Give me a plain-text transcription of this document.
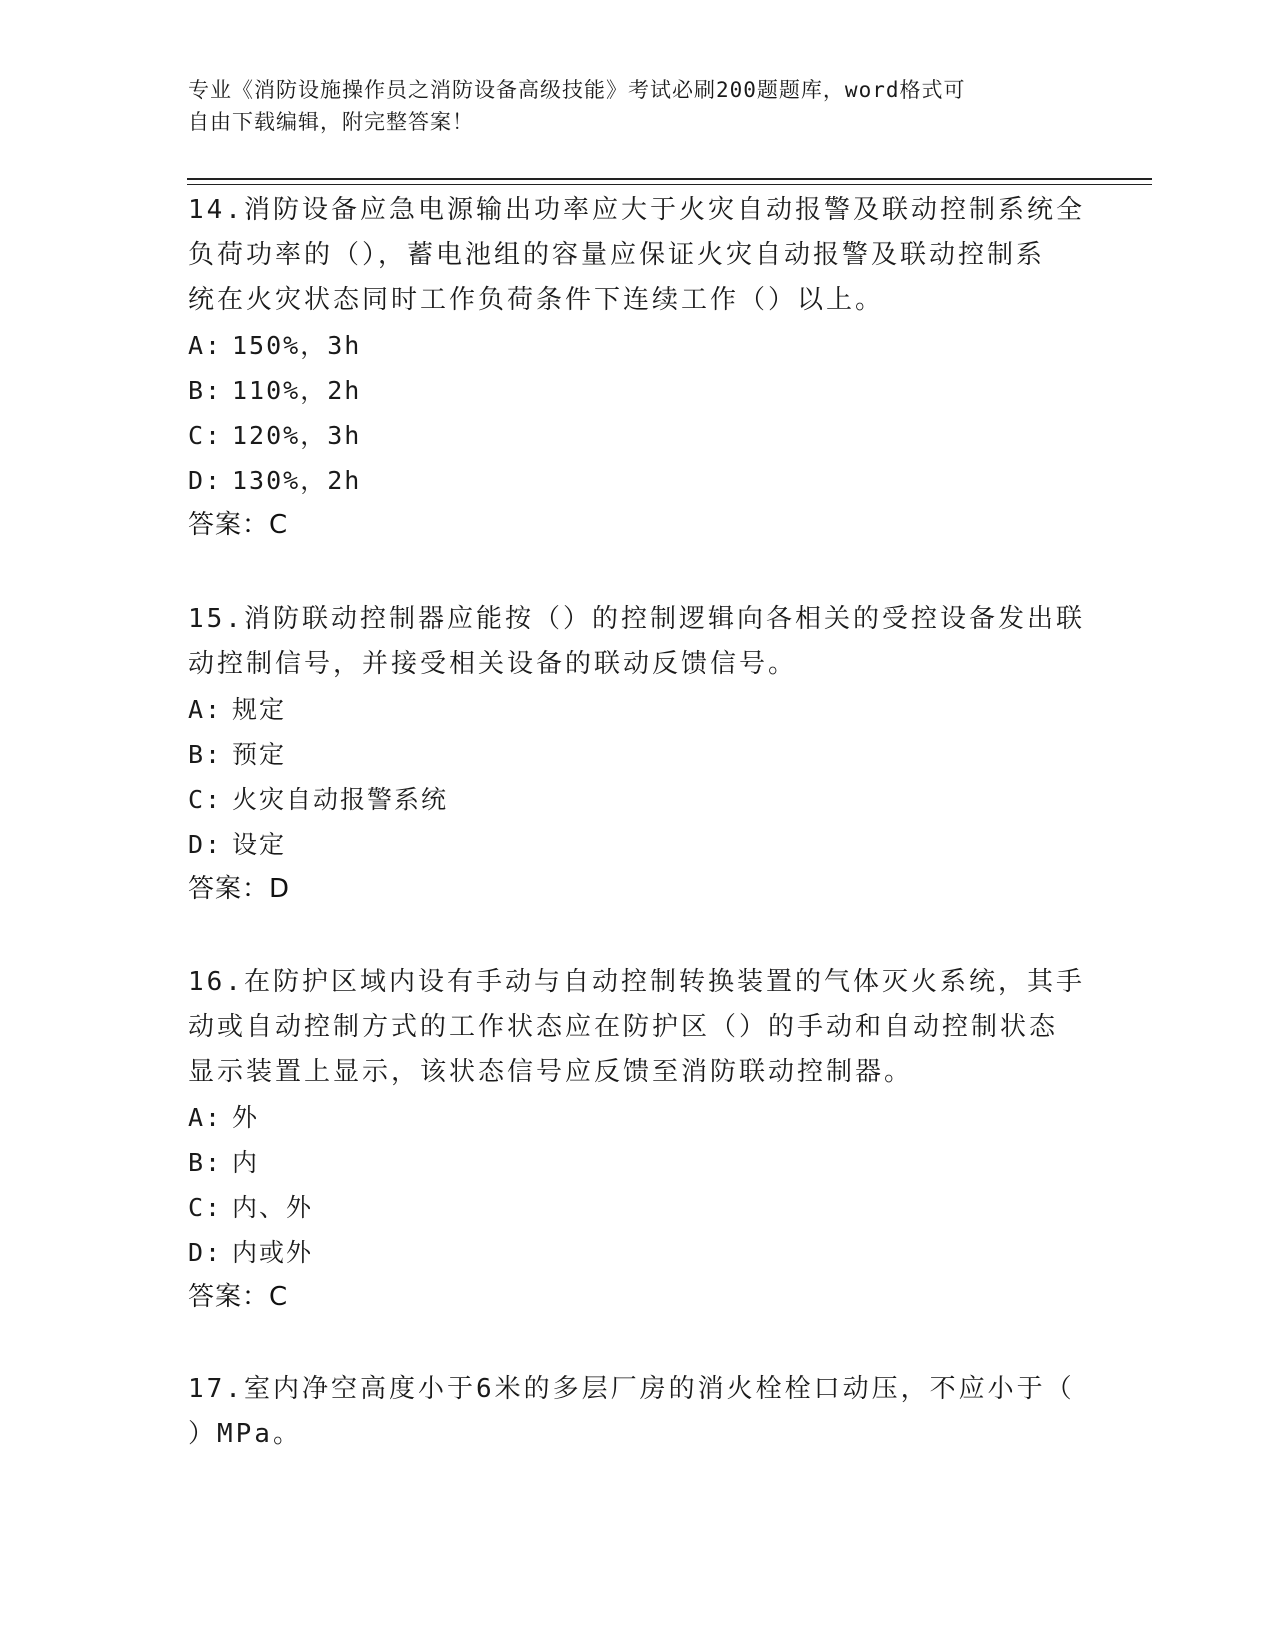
专业《消防设施操作员之消防设备高级技能》考试必刷200题题库，word格式可
自由下载编辑，附完整答案！
14.消防设备应急电源输出功率应大于火灾自动报警及联动控制系统全
负荷功率的（），蓄电池组的容量应保证火灾自动报警及联动控制系
统在火灾状态同时工作负荷条件下连续工作（）以上。
A: 150%，3h
B: 110%，2h
C: 120%，3h
D: 130%，2h
答案：C
15.消防联动控制器应能按（）的控制逻辑向各相关的受控设备发出联
动控制信号，并接受相关设备的联动反馈信号。
A: 规定
B: 预定
C: 火灾自动报警系统
D: 设定
答案：D
16.在防护区域内设有手动与自动控制转换装置的气体灭火系统，其手
动或自动控制方式的工作状态应在防护区（）的手动和自动控制状态
显示装置上显示，该状态信号应反馈至消防联动控制器。
A: 外
B: 内
C: 内、外
D: 内或外
答案：C
17.室内净空高度小于6米的多层厂房的消火栓栓口动压，不应小于（
）MPa。
